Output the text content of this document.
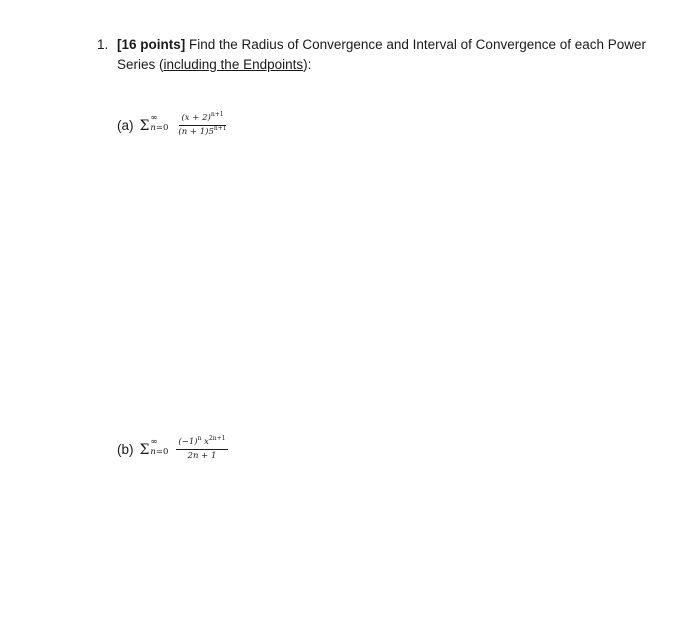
1. [16 points] Find the Radius of Convergence and Interval of Convergence of each Power Series (including the Endpoints):
(a) Σ ∞
$n=0 \frac{(x + 2)^{n+1}}{(n + 1)5^{n+1}}$
(b) Σ ∞
$n=0 \frac{(-1)^n x^{2n+1}}{2n + 1}$
